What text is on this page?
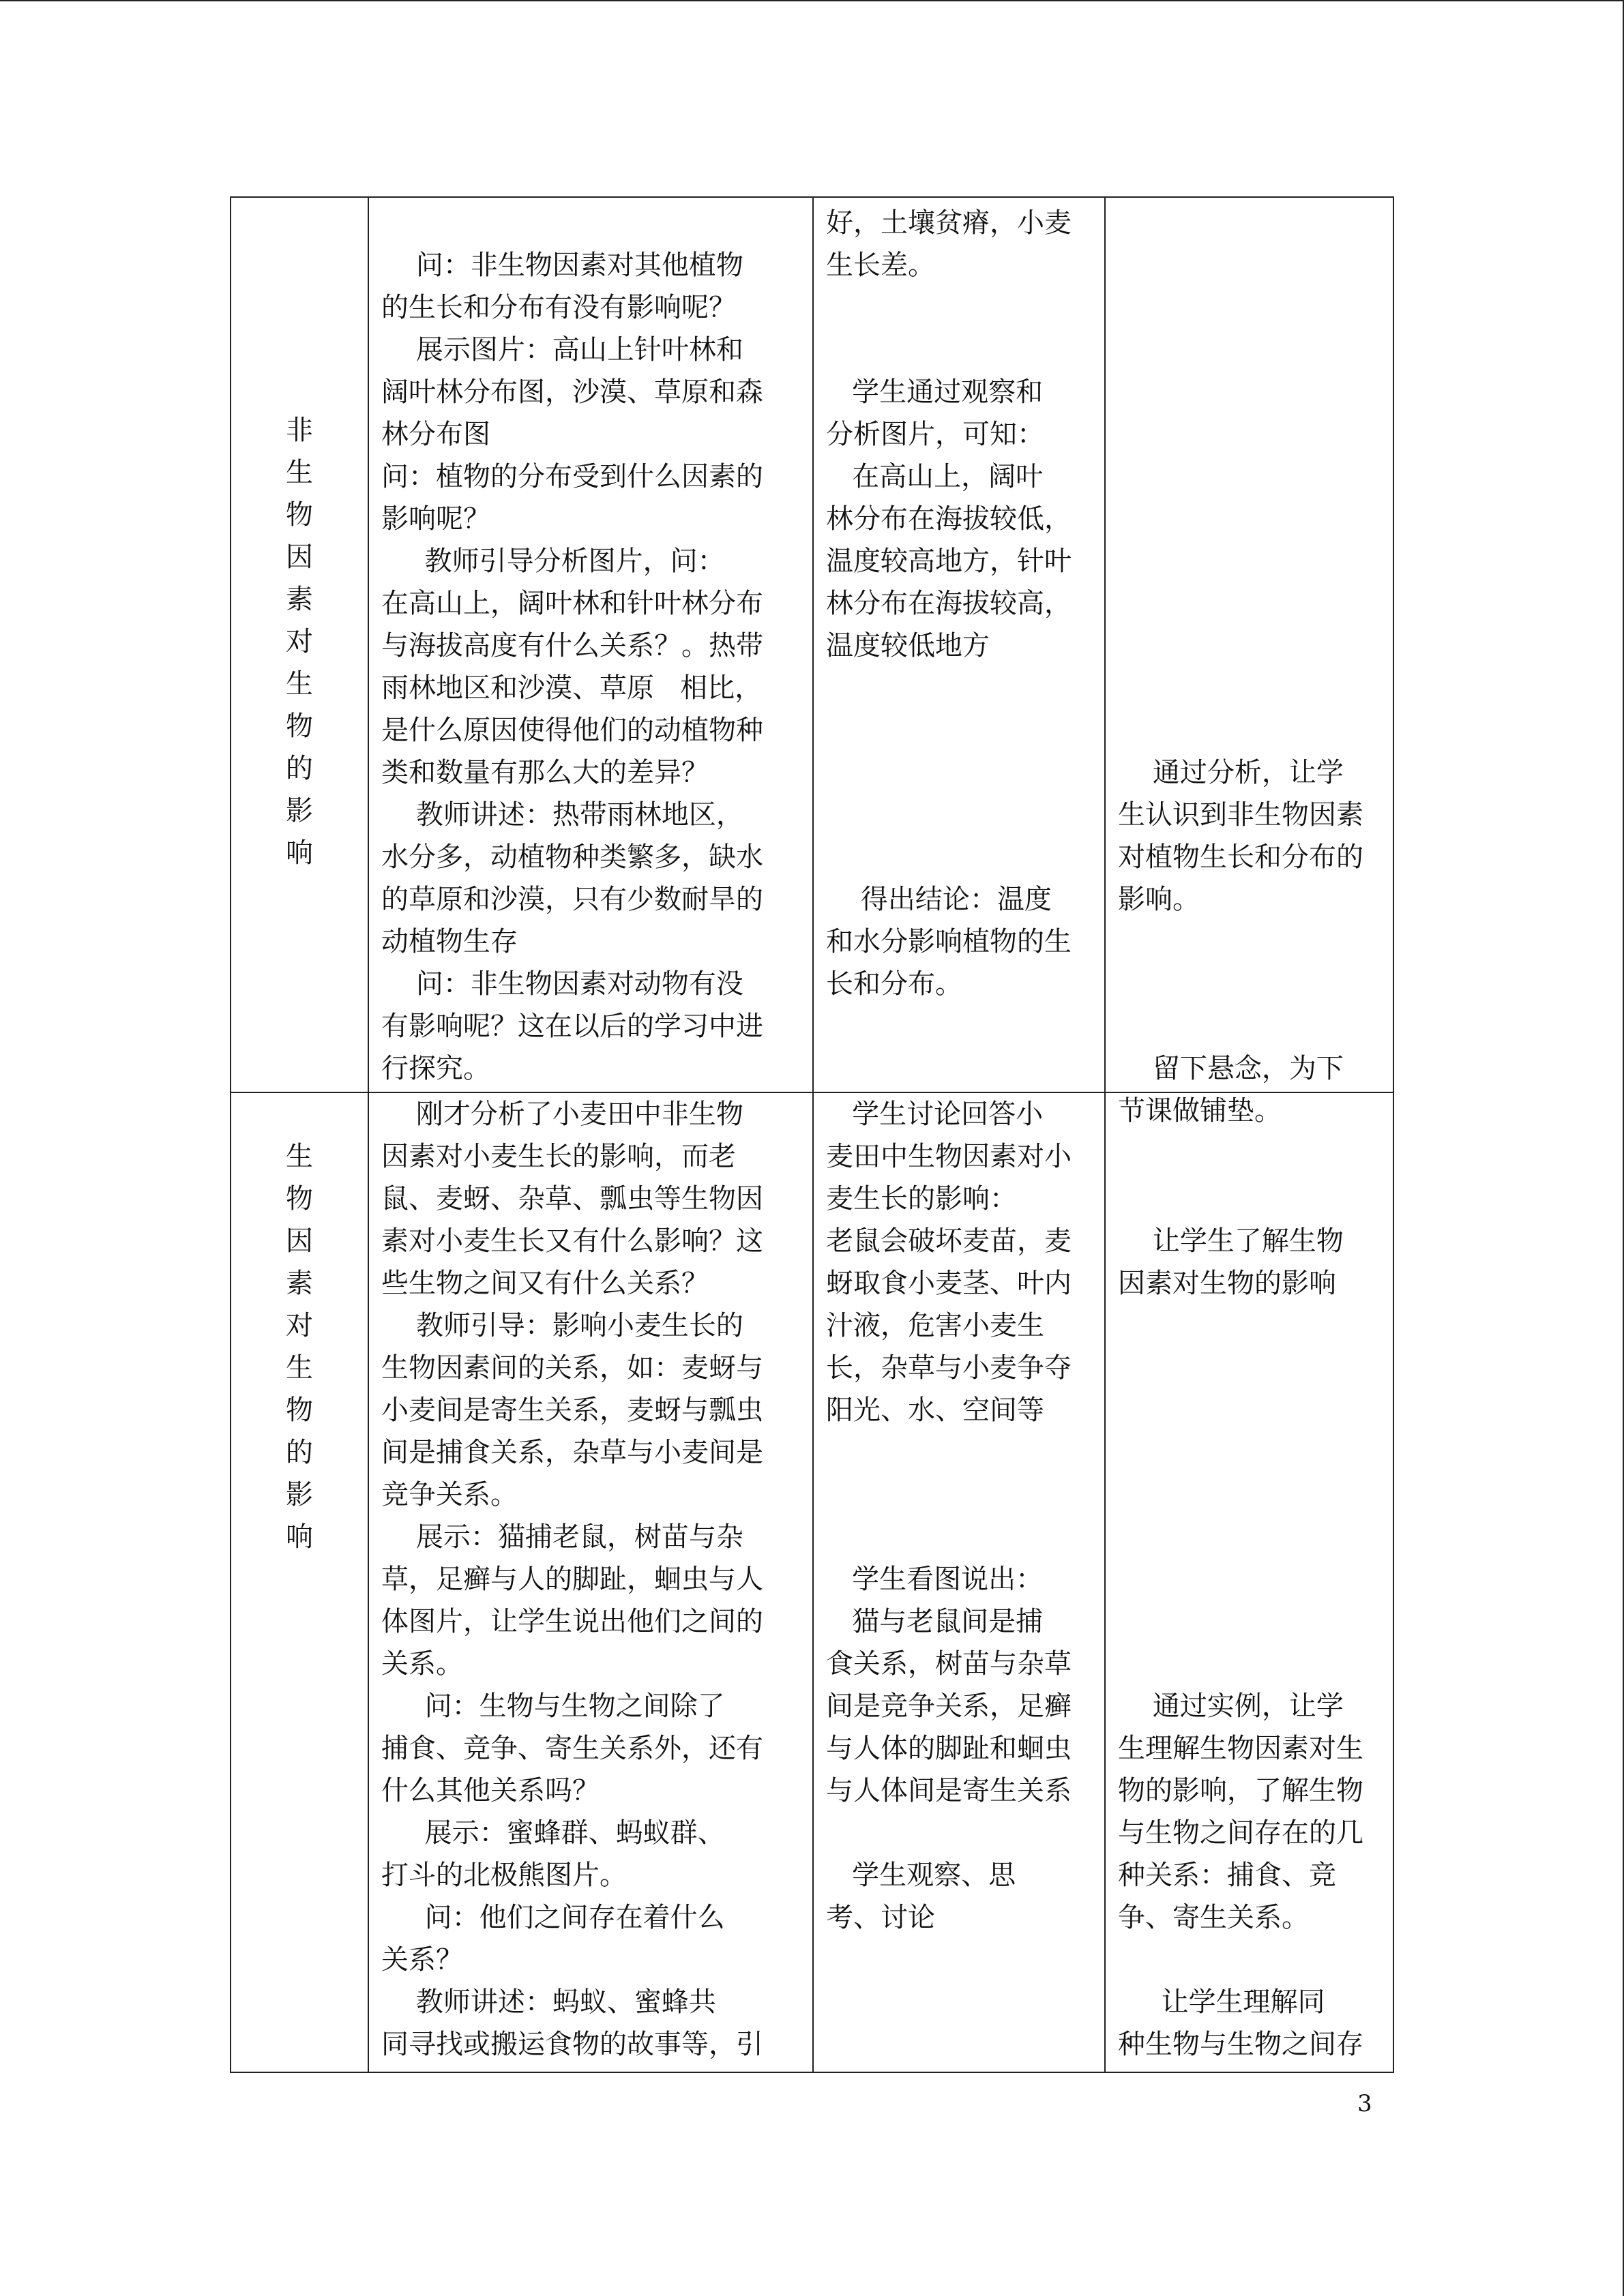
非
生
物
因
素
对
生
物
的
影
响

问：非生物因素对其他植物
的生长和分布有没有影响呢？
展示图片：高山上针叶林和
阔叶林分布图，沙漠、草原和森
林分布图
问：植物的分布受到什么因素的
影响呢？
教师引导分析图片，问：
在高山上，阔叶林和针叶林分布
与海拔高度有什么关系？。热带
雨林地区和沙漠、草原   相比，
是什么原因使得他们的动植物种
类和数量有那么大的差异？
教师讲述：热带雨林地区，
水分多，动植物种类繁多，缺水
的草原和沙漠，只有少数耐旱的
动植物生存
问：非生物因素对动物有没
有影响呢？这在以后的学习中进
行探究。
好，土壤贫瘠，小麦
生长差。

学生通过观察和
分析图片，可知：
在高山上，阔叶
林分布在海拔较低，
温度较高地方，针叶
林分布在海拔较高，
温度较低地方

得出结论：温度
和水分影响植物的生
长和分布。

通过分析，让学
生认识到非生物因素
对植物生长和分布的
影响。

留下悬念，为下
节课做铺垫。
生
物
因
素
对
生
物
的
影
响
刚才分析了小麦田中非生物
因素对小麦生长的影响，而老
鼠、麦蚜、杂草、瓢虫等生物因
素对小麦生长又有什么影响？这
些生物之间又有什么关系？
教师引导：影响小麦生长的
生物因素间的关系，如：麦蚜与
小麦间是寄生关系，麦蚜与瓢虫
间是捕食关系，杂草与小麦间是
竞争关系。
展示：猫捕老鼠，树苗与杂
草，足癣与人的脚趾，蛔虫与人
体图片，让学生说出他们之间的
关系。
问：生物与生物之间除了
捕食、竞争、寄生关系外，还有
什么其他关系吗？
展示：蜜蜂群、蚂蚁群、
打斗的北极熊图片。
问：他们之间存在着什么
关系？
教师讲述：蚂蚁、蜜蜂共
同寻找或搬运食物的故事等，引
学生讨论回答小
麦田中生物因素对小
麦生长的影响：
老鼠会破坏麦苗，麦
蚜取食小麦茎、叶内
汁液，危害小麦生
长，杂草与小麦争夺
阳光、水、空间等

学生看图说出：
猫与老鼠间是捕
食关系，树苗与杂草
间是竞争关系，足癣
与人体的脚趾和蛔虫
与人体间是寄生关系

学生观察、思
考、讨论

让学生了解生物
因素对生物的影响

通过实例，让学
生理解生物因素对生
物的影响，了解生物
与生物之间存在的几
种关系：捕食、竞
争、寄生关系。

让学生理解同
种生物与生物之间存
3
